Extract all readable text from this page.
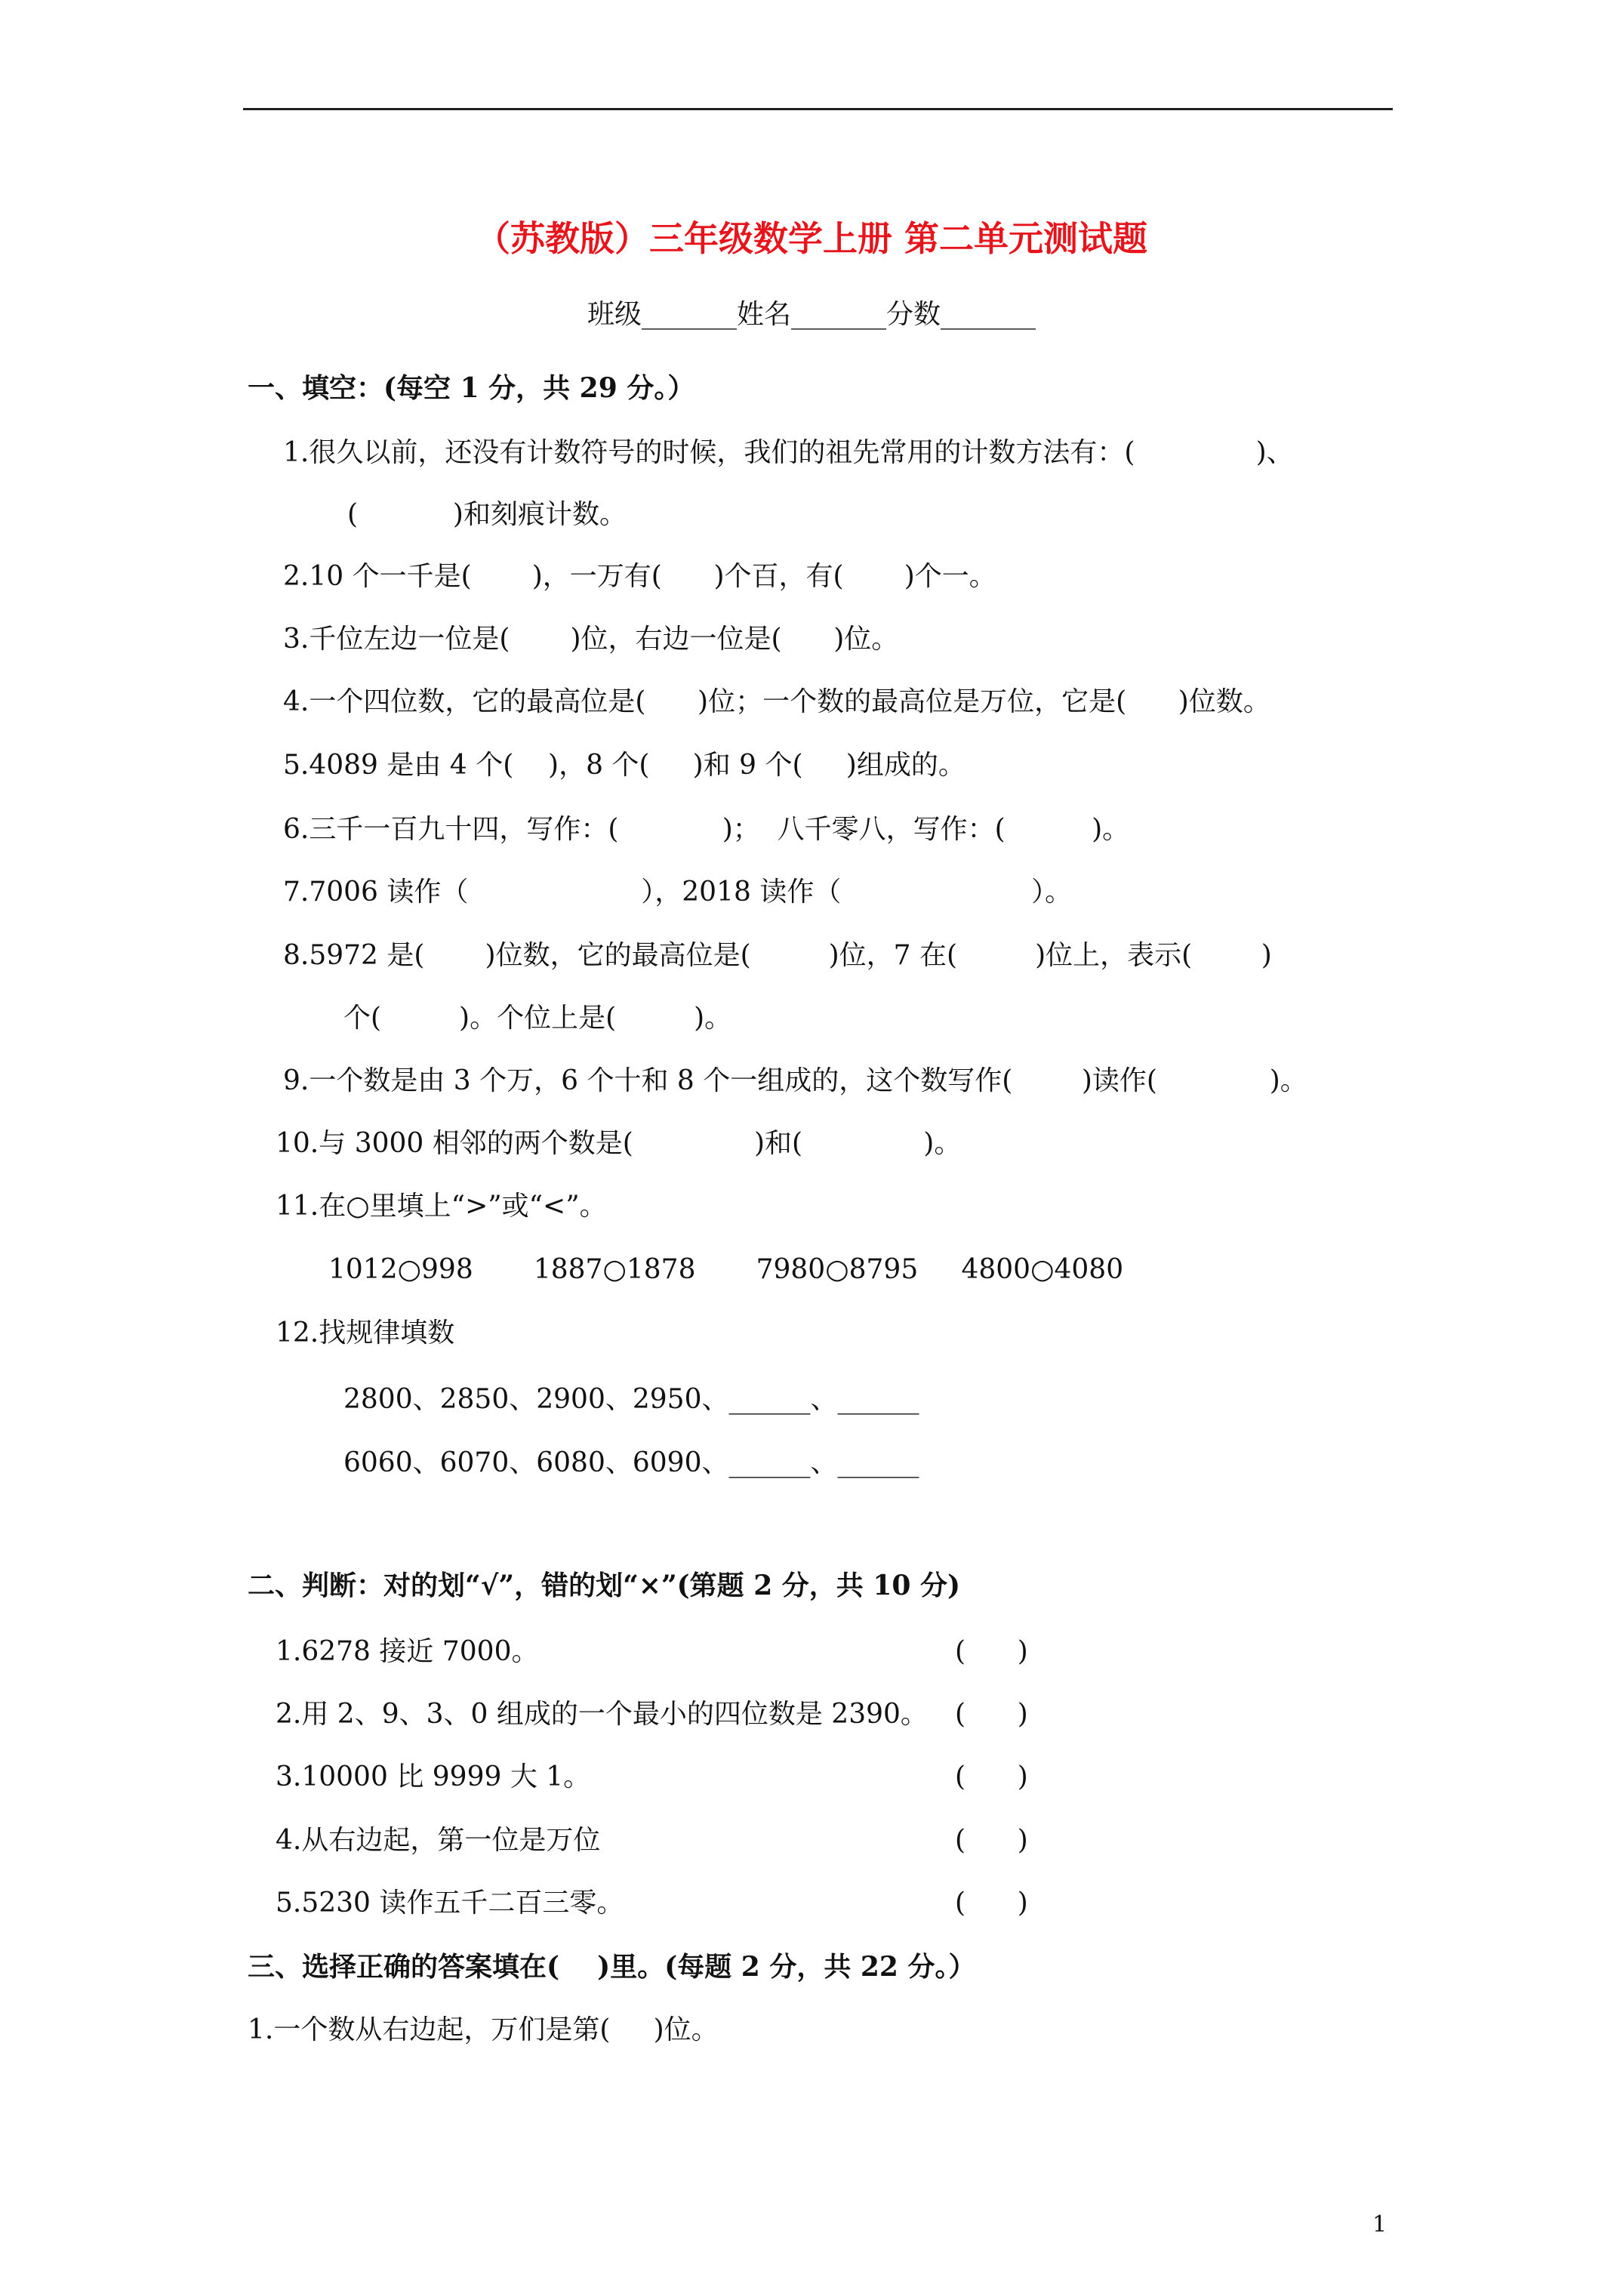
（苏教版）三年级数学上册 第二单元测试题
班级_______姓名_______分数_______
一、填空：(每空 1 分，共 29 分。）
1.很久以前，还没有计数符号的时候，我们的祖先常用的计数方法有：(              )、
(           )和刻痕计数。
2.10 个一千是(       )，一万有(      )个百，有(       )个一。
3.千位左边一位是(       )位，右边一位是(      )位。
4.一个四位数，它的最高位是(      )位；一个数的最高位是万位，它是(      )位数。
5.4089 是由 4 个(    )，8 个(     )和 9 个(     )组成的。
6.三千一百九十四，写作：(            )；  八千零八，写作：(          )。
7.7006 读作（                    ），2018 读作（                      ）。
8.5972 是(       )位数，它的最高位是(         )位，7 在(         )位上，表示(        )
个(         )。个位上是(         )。
9.一个数是由 3 个万，6 个十和 8 个一组成的，这个数写作(        )读作(             )。
10.与 3000 相邻的两个数是(              )和(              )。
11.在○里填上“>”或“<”。
1012○998       1887○1878       7980○8795     4800○4080
12.找规律填数
2800、2850、2900、2950、______、______
6060、6070、6080、6090、______、______
二、判断：对的划“√”，错的划“×”(第题 2 分，共 10 分)
1.6278 接近 7000。	(      )
2.用 2、9、3、0 组成的一个最小的四位数是 2390。 (      )
3.10000 比 9999 大 1。	(      )
4.从右边起，第一位是万位	(      )
5.5230 读作五千二百三零。	(      )
三、选择正确的答案填在(    )里。(每题 2 分，共 22 分。）
1.一个数从右边起，万们是第(     )位。
1
